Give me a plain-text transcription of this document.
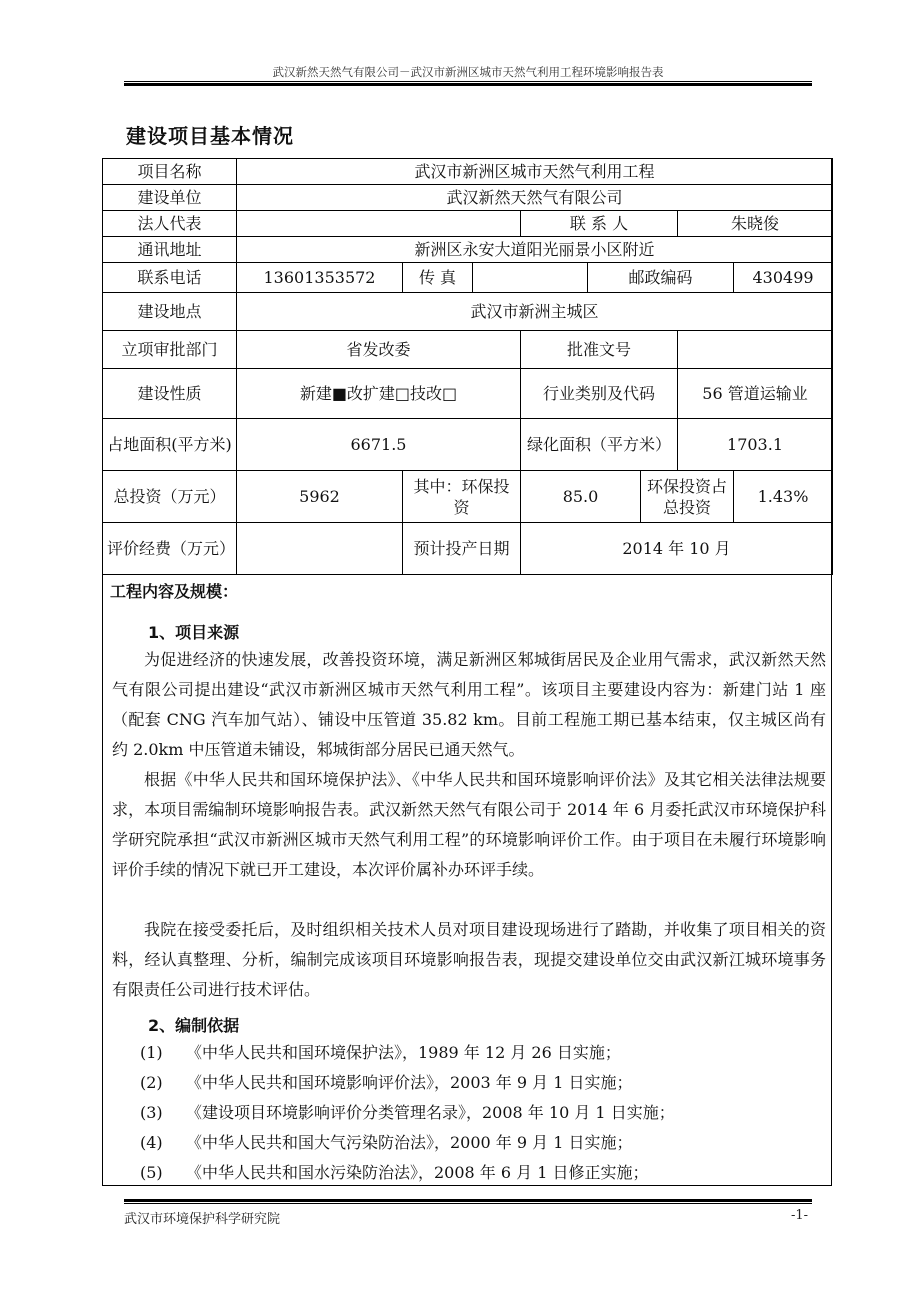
武汉新然天然气有限公司－武汉市新洲区城市天然气利用工程环境影响报告表
建设项目基本情况
项目名称	武汉市新洲区城市天然气利用工程							
建设单位	武汉新然天然气有限公司							
法人代表				联 系 人			朱晓俊	
通讯地址	新洲区永安大道阳光丽景小区附近							
联系电话	13601353572	传 真			邮政编码			430499
建设地点	武汉市新洲主城区							
立项审批部门	省发改委			批准文号				
建设性质	新建■改扩建□技改□			行业类别及代码			56 管道运输业	
占地面积(平方米)	6671.5			绿化面积（平方米）			1703.1	
总投资（万元）	5962	其中：环保投资		85.0		环保投资占总投资		1.43%
评价经费（万元）		预计投产日期		2014 年 10 月				
工程内容及规模：
1、项目来源
为促进经济的快速发展，改善投资环境，满足新洲区邾城街居民及企业用气需求，武汉新然天然气有限公司提出建设“武汉市新洲区城市天然气利用工程”。该项目主要建设内容为：新建门站 1 座（配套 CNG 汽车加气站）、铺设中压管道 35.82 km。目前工程施工期已基本结束，仅主城区尚有约 2.0km 中压管道未铺设，邾城街部分居民已通天然气。
根据《中华人民共和国环境保护法》、《中华人民共和国环境影响评价法》及其它相关法律法规要求，本项目需编制环境影响报告表。武汉新然天然气有限公司于 2014 年 6 月委托武汉市环境保护科学研究院承担“武汉市新洲区城市天然气利用工程”的环境影响评价工作。由于项目在未履行环境影响评价手续的情况下就已开工建设，本次评价属补办环评手续。
我院在接受委托后，及时组织相关技术人员对项目建设现场进行了踏勘，并收集了项目相关的资料，经认真整理、分析，编制完成该项目环境影响报告表，现提交建设单位交由武汉新江城环境事务有限责任公司进行技术评估。
2、编制依据
(1) 《中华人民共和国环境保护法》，1989 年 12 月 26 日实施；
(2) 《中华人民共和国环境影响评价法》，2003 年 9 月 1 日实施；
(3) 《建设项目环境影响评价分类管理名录》，2008 年 10 月 1 日实施；
(4) 《中华人民共和国大气污染防治法》，2000 年 9 月 1 日实施；
(5) 《中华人民共和国水污染防治法》，2008 年 6 月 1 日修正实施；
武汉市环境保护科学研究院	-1-
